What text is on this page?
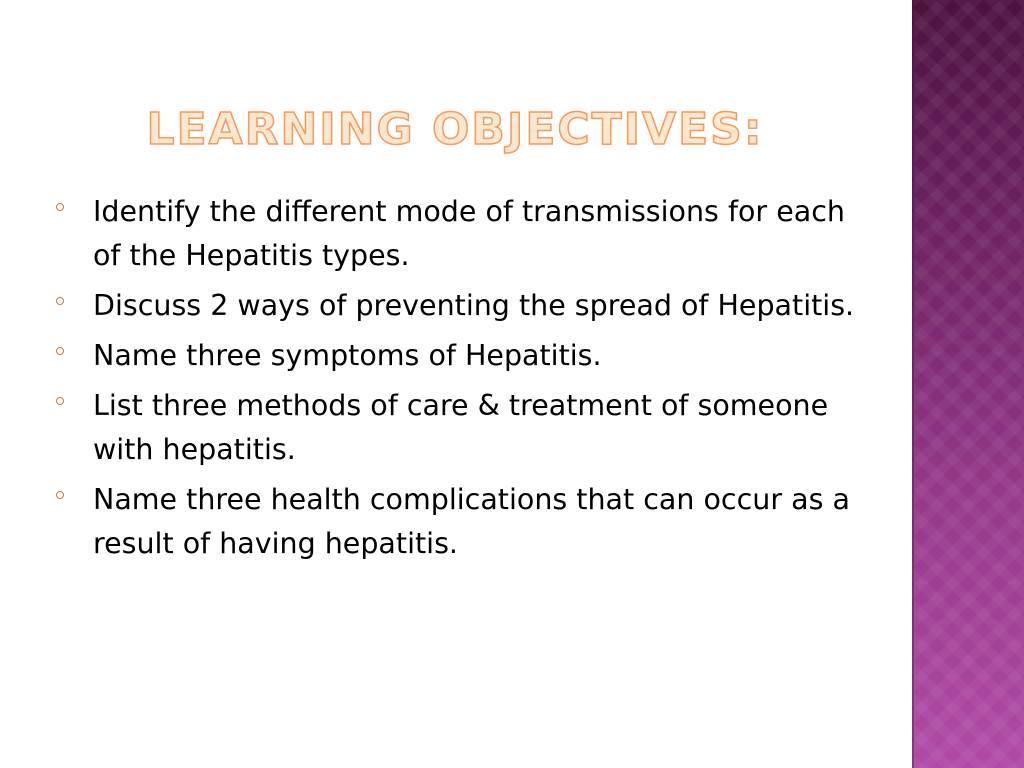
LEARNING OBJECTIVES:
Identify the different mode of transmissions for each of the Hepatitis types.
Discuss 2 ways of preventing the spread of Hepatitis.
Name three symptoms of Hepatitis.
List three methods of care & treatment of someone with hepatitis.
Name three health complications that can occur as a result of having hepatitis.
